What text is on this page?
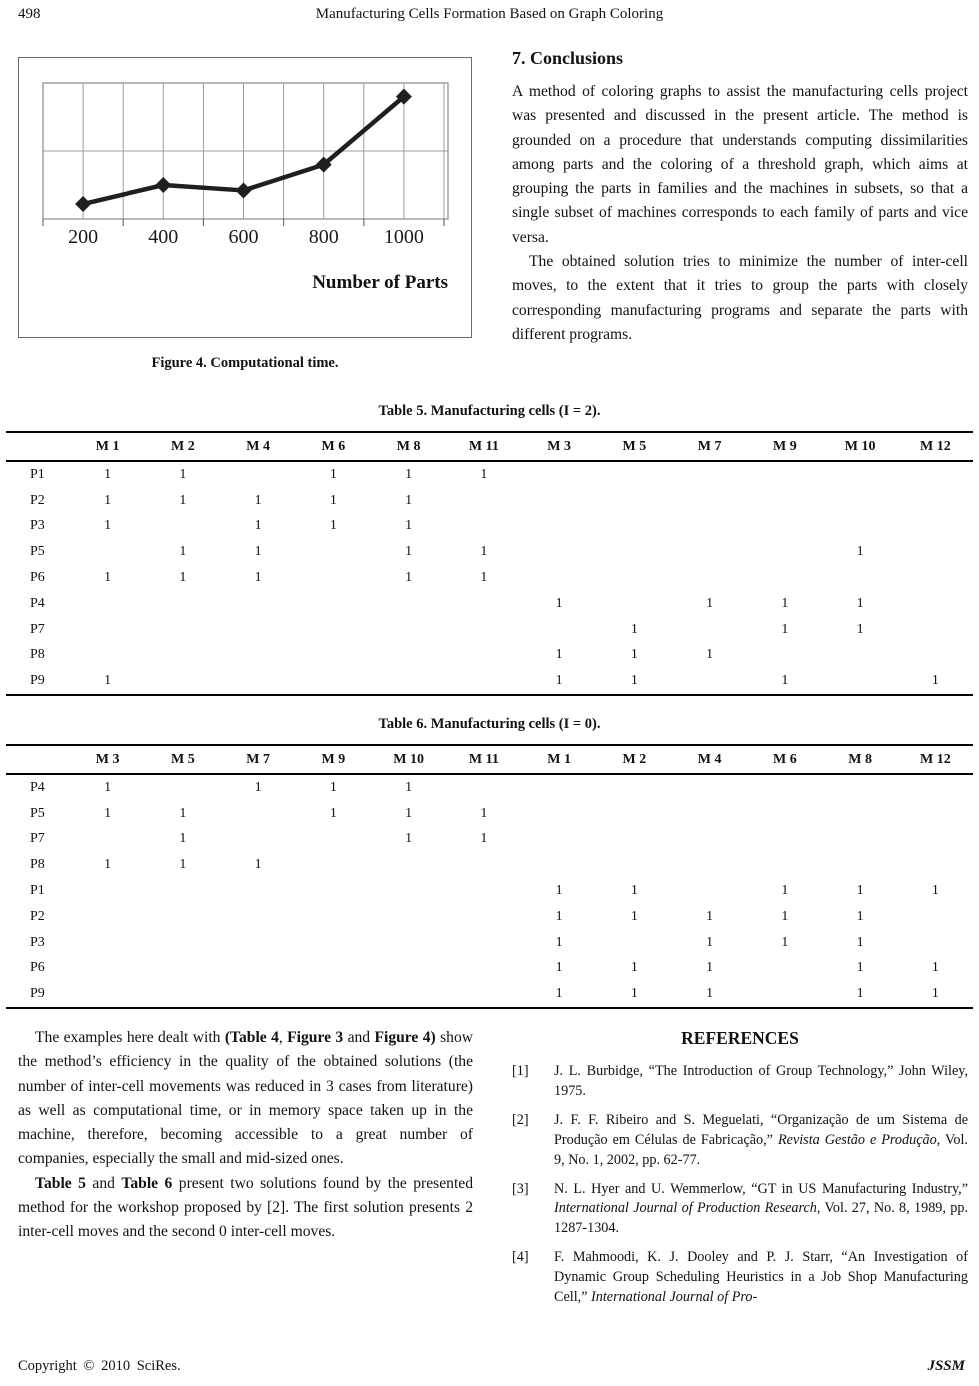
498	Manufacturing Cells Formation Based on Graph Coloring
200	400	600	800 1000
Number of Parts
Figure 4. Computational time.
7. Conclusions

A method of coloring graphs to assist the manufacturing cells project was presented and discussed in the present article. The method is grounded on a procedure that understands computing dissimilarities among parts and the coloring of a threshold graph, which aims at grouping the parts in families and the machines in subsets, so that a single subset of machines corresponds to each family of parts and vice versa.

The obtained solution tries to minimize the number of inter-cell moves, to the extent that it tries to group the parts with closely corresponding manufacturing programs and separate the parts with different programs.

Table 5. Manufacturing cells (I = 2).
	M 1	M 2	M 4	M 6	M 8	M 11	M 3	M 5	M 7	M 9	M 10	M 12
P1	1	1		1	1	1						
P2	1	1	1	1	1							
P3	1		1	1	1							
P5		1	1		1	1					1	
P6	1	1	1		1	1						
P4							1		1	1	1	
P7								1		1	1	
P8							1	1	1			
P9	1						1	1		1		1
Table 6. Manufacturing cells (I = 0).
	M 3	M 5	M 7	M 9	M 10	M 11	M 1	M 2	M 4	M 6	M 8	M 12
P4	1		1	1	1							
P5	1	1		1	1	1						
P7		1			1	1						
P8	1	1	1									
P1							1	1		1	1	1
P2							1	1	1	1	1	
P3							1		1	1	1	
P6							1	1	1		1	1
P9							1	1	1		1	1

The examples here dealt with (Table 4, Figure 3 and Figure 4) show the method’s efficiency in the quality of the obtained solutions (the number of inter-cell movements was reduced in 3 cases from literature) as well as computational time, or in memory space taken up in the machine, therefore, becoming accessible to a great number of companies, especially the small and mid-sized ones.

Table 5 and Table 6 present two solutions found by the presented method for the workshop proposed by [2]. The first solution presents 2 inter-cell moves and the second 0 inter-cell moves.

REFERENCES
[1]	J. L. Burbidge, “The Introduction of Group Technology,” John Wiley, 1975.
[2]	J. F. F. Ribeiro and S. Meguelati, “Organização de um Sistema de Produção em Células de Fabricação,” Revista Gestão e Produção, Vol. 9, No. 1, 2002, pp. 62-77.
[3]	N. L. Hyer and U. Wemmerlow, “GT in US Manufacturing Industry,” International Journal of Production Research, Vol. 27, No. 8, 1989, pp. 1287-1304.
[4]	F. Mahmoodi, K. J. Dooley and P. J. Starr, “An Investigation of Dynamic Group Scheduling Heuristics in a Job Shop Manufacturing Cell,” International Journal of Pro-
Copyright © 2010 SciRes.	JSSM
